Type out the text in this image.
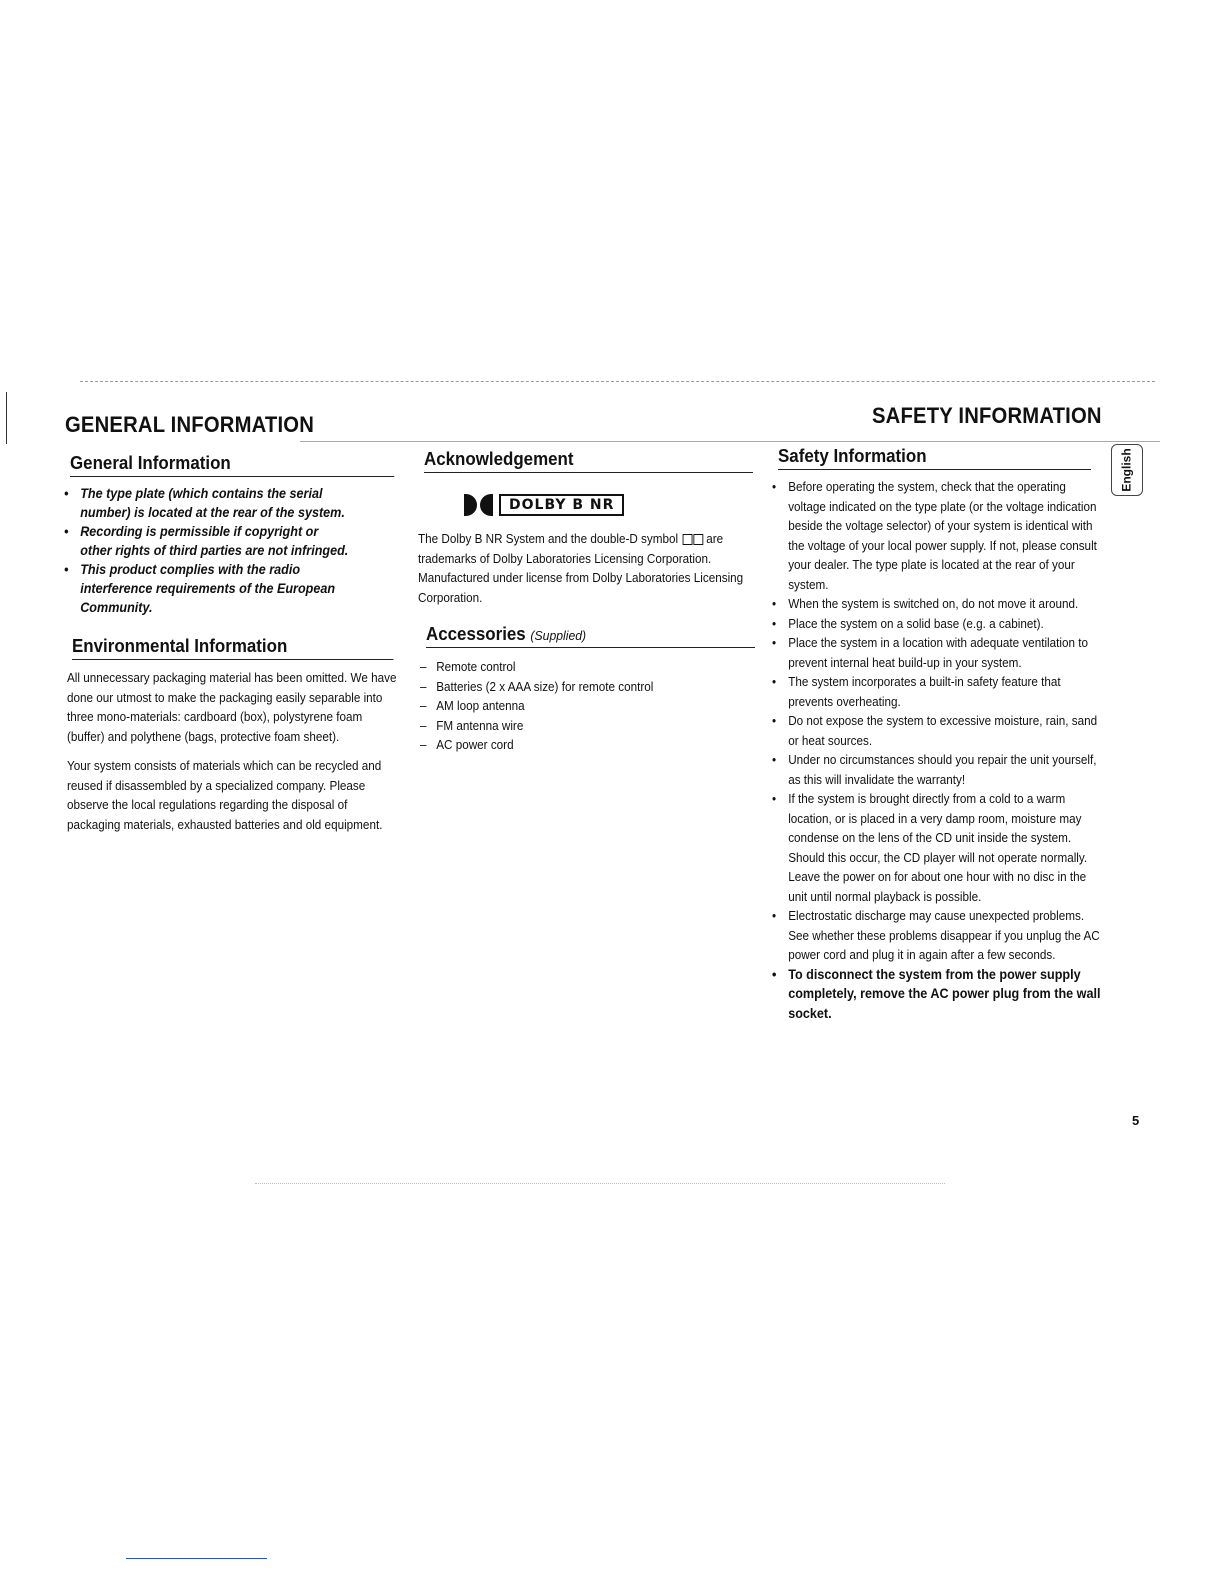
GENERAL INFORMATION	SAFETY INFORMATION
English
General Information
• The type plate (which contains the serial number) is located at the rear of the system.
• Recording is permissible if copyright or other rights of third parties are not infringed.
• This product complies with the radio interference requirements of the European Community.
Environmental Information

All unnecessary packaging material has been omitted. We have done our utmost to make the packaging easily separable into three mono-materials: cardboard (box), polystyrene foam (buffer) and polythene (bags, protective foam sheet).

Your system consists of materials which can be recycled and reused if disassembled by a specialized company. Please observe the local regulations regarding the disposal of packaging materials, exhausted batteries and old equipment.

Acknowledgement
DOLBY B NR
The Dolby B NR System and the double-D symbol  are trademarks of Dolby Laboratories Licensing Corporation. Manufactured under license from Dolby Laboratories Licensing Corporation.
Accessories (Supplied)
– Remote control
– Batteries (2 x AAA size) for remote control
– AM loop antenna
– FM antenna wire
– AC power cord
Safety Information
• Before operating the system, check that the operating voltage indicated on the type plate (or the voltage indication beside the voltage selector) of your system is identical with the voltage of your local power supply. If not, please consult your dealer. The type plate is located at the rear of your system.
• When the system is switched on, do not move it around.
• Place the system on a solid base (e.g. a cabinet).
• Place the system in a location with adequate ventilation to prevent internal heat build-up in your system.
• The system incorporates a built-in safety feature that prevents overheating.
• Do not expose the system to excessive moisture, rain, sand or heat sources.
• Under no circumstances should you repair the unit yourself, as this will invalidate the warranty!
• If the system is brought directly from a cold to a warm location, or is placed in a very damp room, moisture may condense on the lens of the CD unit inside the system. Should this occur, the CD player will not operate normally. Leave the power on for about one hour with no disc in the unit until normal playback is possible.
• Electrostatic discharge may cause unexpected problems. See whether these problems disappear if you unplug the AC power cord and plug it in again after a few seconds.
• To disconnect the system from the power supply completely, remove the AC power plug from the wall socket.
5
